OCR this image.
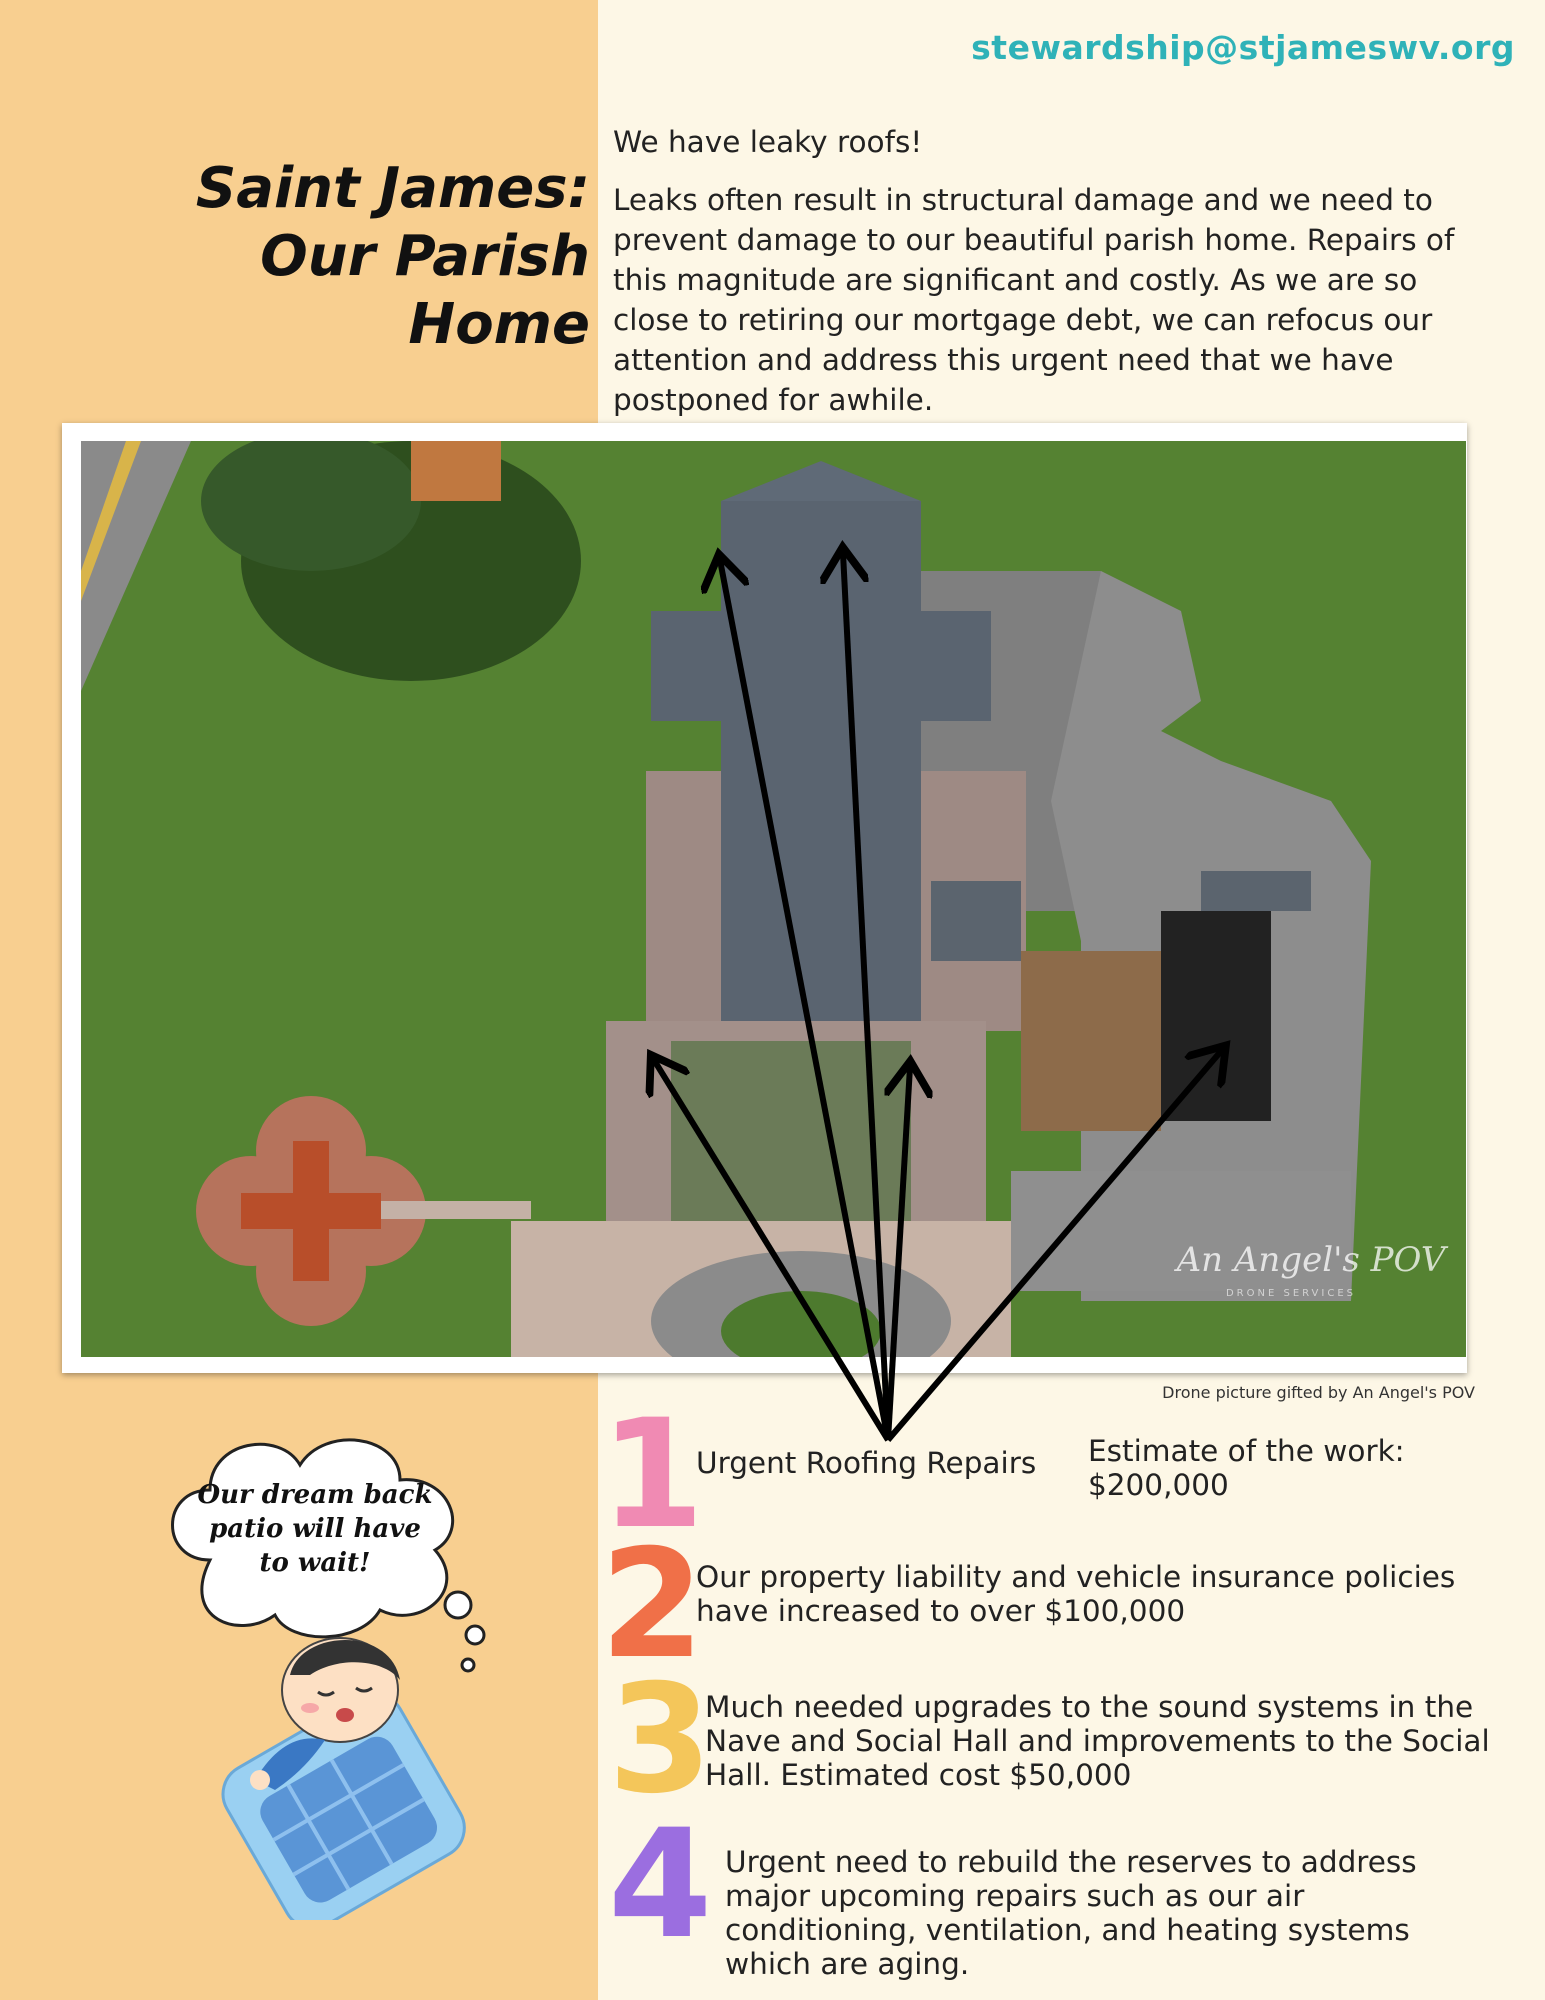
stewardship@stjameswv.org
Saint James:
Our Parish Home

We have leaky roofs!

Leaks often result in structural damage and we need to prevent damage to our beautiful parish home. Repairs of this magnitude are significant and costly. As we are so close to retiring our mortgage debt, we can refocus our attention and address this urgent need that we have postponed for awhile.

An Angel's POV
DRONE SERVICES
Drone picture gifted by An Angel's POV
Our dream back patio will have to wait!
1
Urgent Roofing Repairs Estimate of the work:
$200,000
2
Our property liability and vehicle insurance policies have increased to over $100,000
3
Much needed upgrades to the sound systems in the Nave and Social Hall and improvements to the Social Hall. Estimated cost $50,000
4 Urgent need to rebuild the reserves to address major upcoming repairs such as our air conditioning, ventilation, and heating systems which are aging.
